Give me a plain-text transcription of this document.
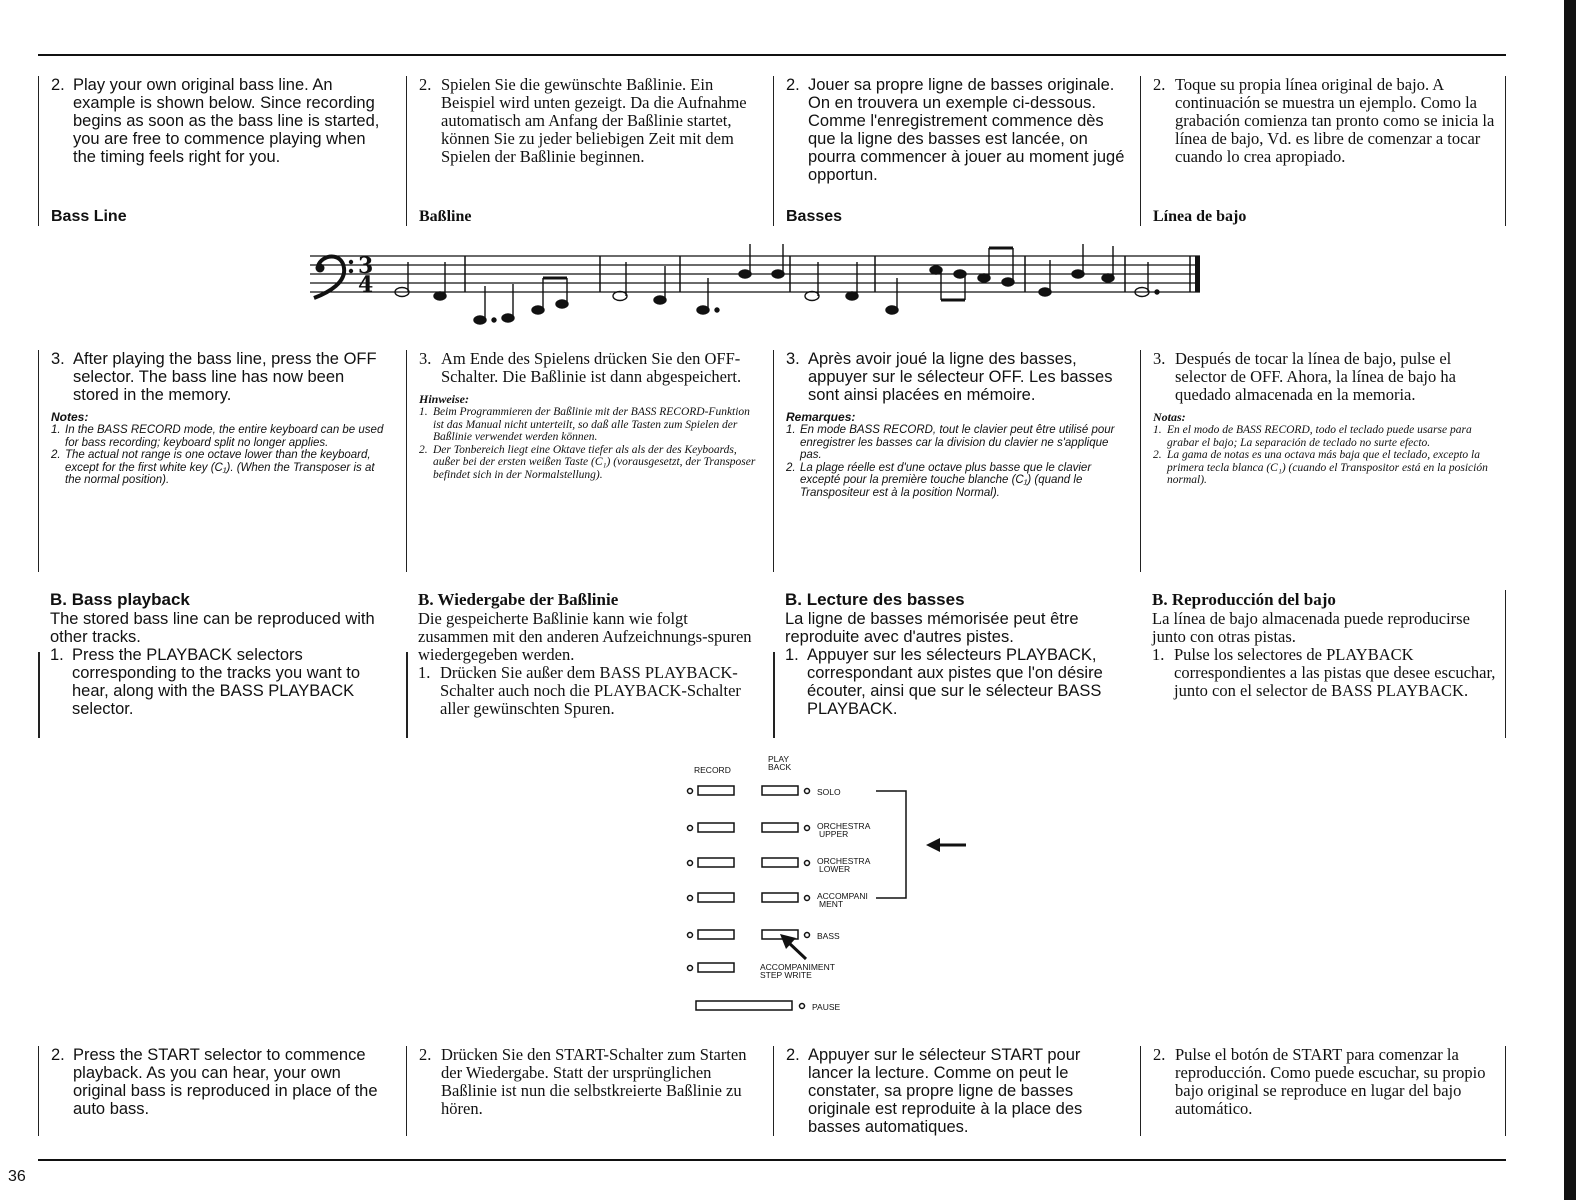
2. Play your own original bass line. An example is shown below. Since recording begins as soon as the bass line is started, you are free to commence playing when the timing feels right for you.
Bass Line
2. Spielen Sie die gewünschte Baßlinie. Ein Beispiel wird unten gezeigt. Da die Aufnahme automatisch am Anfang der Baßlinie startet, können Sie zu jeder beliebigen Zeit mit dem Spielen der Baßlinie beginnen.
Baßline
2. Jouer sa propre ligne de basses originale. On en trouvera un exemple ci-dessous. Comme l'enregistrement commence dès que la ligne des basses est lancée, on pourra commencer à jouer au moment jugé opportun.
Basses
2. Toque su propia línea original de bajo. A continuación se muestra un ejemplo. Como la grabación comienza tan pronto como se inicia la línea de bajo, Vd. es libre de comenzar a tocar cuando lo crea apropiado.
Línea de bajo
3
4
3. After playing the bass line, press the OFF selector. The bass line has now been stored in the memory.
Notes:
1. In the BASS RECORD mode, the entire keyboard can be used for bass recording; keyboard split no longer applies.
2. The actual not range is one octave lower than the keyboard, except for the first white key (C₁). (When the Transposer is at the normal position).
3. Am Ende des Spielens drücken Sie den OFF-Schalter. Die Baßlinie ist dann abgespeichert.
Hinweise:
1. Beim Programmieren der Baßlinie mit der BASS RECORD-Funktion ist das Manual nicht unterteilt, so daß alle Tasten zum Spielen der Baßlinie verwendet werden können.
2. Der Tonbereich liegt eine Oktave tiefer als als der des Keyboards, außer bei der ersten weißen Taste (C₁) (vorausgesetzt, der Transposer befindet sich in der Normalstellung).
3. Après avoir joué la ligne des basses, appuyer sur le sélecteur OFF. Les basses sont ainsi placées en mémoire.
Remarques:
1. En mode BASS RECORD, tout le clavier peut être utilisé pour enregistrer les basses car la division du clavier ne s'applique pas.
2. La plage réelle est d'une octave plus basse que le clavier excepté pour la première touche blanche (C₁) (quand le Transpositeur est à la position Normal).
3. Después de tocar la línea de bajo, pulse el selector de OFF. Ahora, la línea de bajo ha quedado almacenada en la memoria.
Notas:
1. En el modo de BASS RECORD, todo el teclado puede usarse para grabar el bajo; La separación de teclado no surte efecto.
2. La gama de notas es una octava más baja que el teclado, excepto la primera tecla blanca (C₁) (cuando el Transpositor está en la posición normal).
B. Bass playback
The stored bass line can be reproduced with other tracks.
1. Press the PLAYBACK selectors corresponding to the tracks you want to hear, along with the BASS PLAYBACK selector.
B. Wiedergabe der Baßlinie
Die gespeicherte Baßlinie kann wie folgt zusammen mit den anderen Aufzeichnungs-spuren wiedergegeben werden.
1. Drücken Sie außer dem BASS PLAYBACK-Schalter auch noch die PLAYBACK-Schalter aller gewünschten Spuren.
B. Lecture des basses
La ligne de basses mémorisée peut être reproduite avec d'autres pistes.
1. Appuyer sur les sélecteurs PLAYBACK, correspondant aux pistes que l'on désire écouter, ainsi que sur le sélecteur BASS PLAYBACK.
B. Reproducción del bajo
La línea de bajo almacenada puede reproducirse junto con otras pistas.
1. Pulse los selectores de PLAYBACK correspondientes a las pistas que desee escuchar, junto con el selector de BASS PLAYBACK.
RECORD
PLAY
BACK
SOLO
ORCHESTRA
UPPER
ORCHESTRA
LOWER
ACCOMPANI
MENT
BASS
ACCOMPANIMENT
STEP WRITE
PAUSE
2. Press the START selector to commence playback. As you can hear, your own original bass is reproduced in place of the auto bass.
2. Drücken Sie den START-Schalter zum Starten der Wiedergabe. Statt der ursprünglichen Baßlinie ist nun die selbstkreierte Baßlinie zu hören.
2. Appuyer sur le sélecteur START pour lancer la lecture. Comme on peut le constater, sa propre ligne de basses originale est reproduite à la place des basses automatiques.
2. Pulse el botón de START para comenzar la reproducción. Como puede escuchar, su propio bajo original se reproduce en lugar del bajo automático.
36
